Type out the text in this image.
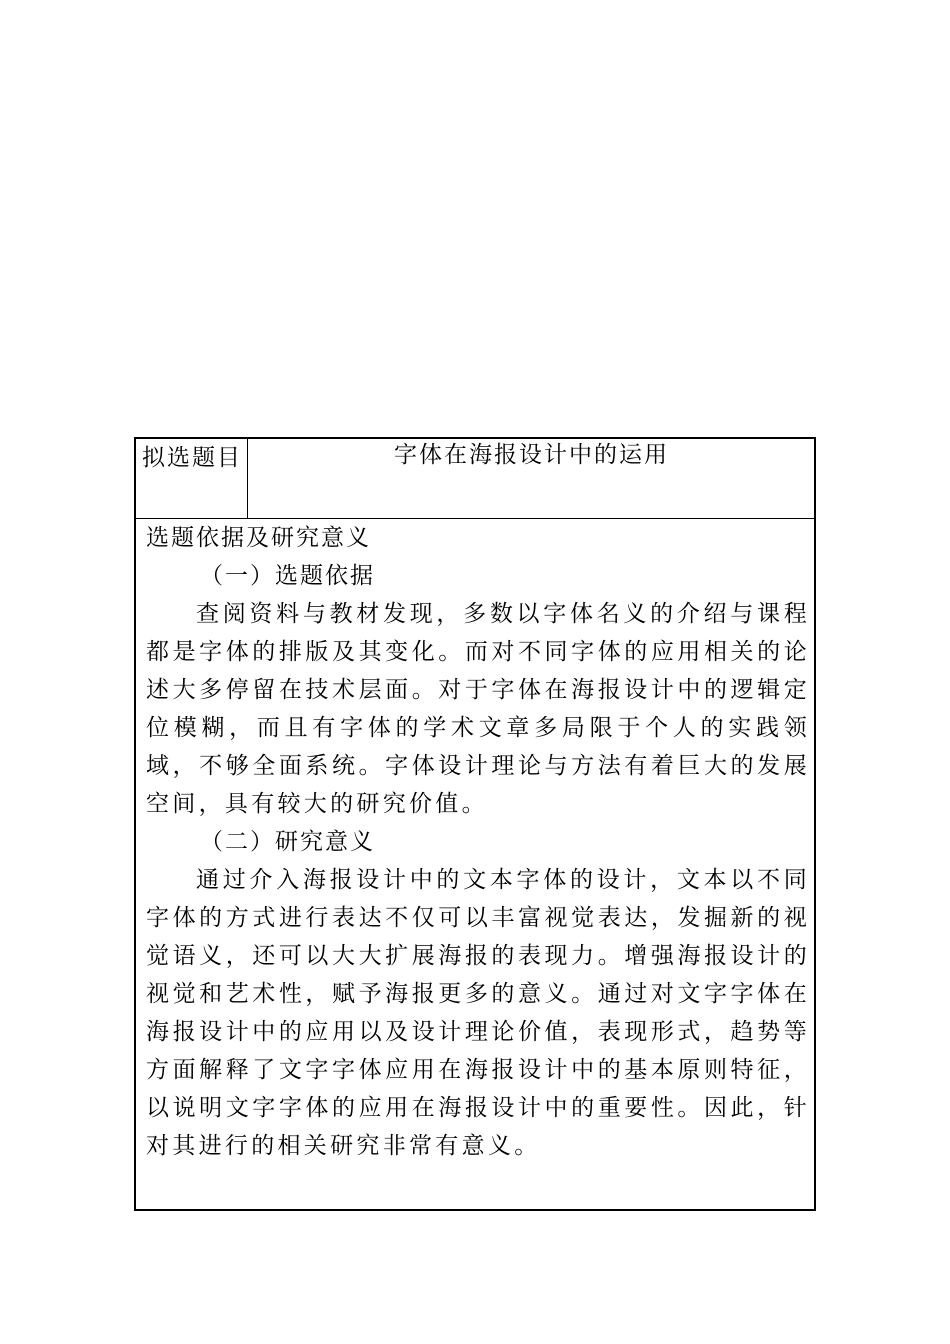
拟选题目	字体在海报设计中的运用

选题依据及研究意义

（一）选题依据

查阅资料与教材发现，多数以字体名义的介绍与课程都是字体的排版及其变化。而对不同字体的应用相关的论述大多停留在技术层面。对于字体在海报设计中的逻辑定位模糊，而且有字体的学术文章多局限于个人的实践领域，不够全面系统。字体设计理论与方法有着巨大的发展空间，具有较大的研究价值。

（二）研究意义

通过介入海报设计中的文本字体的设计，文本以不同字体的方式进行表达不仅可以丰富视觉表达，发掘新的视觉语义，还可以大大扩展海报的表现力。增强海报设计的视觉和艺术性，赋予海报更多的意义。通过对文字字体在海报设计中的应用以及设计理论价值，表现形式，趋势等方面解释了文字字体应用在海报设计中的基本原则特征，以说明文字字体的应用在海报设计中的重要性。因此，针对其进行的相关研究非常有意义。
